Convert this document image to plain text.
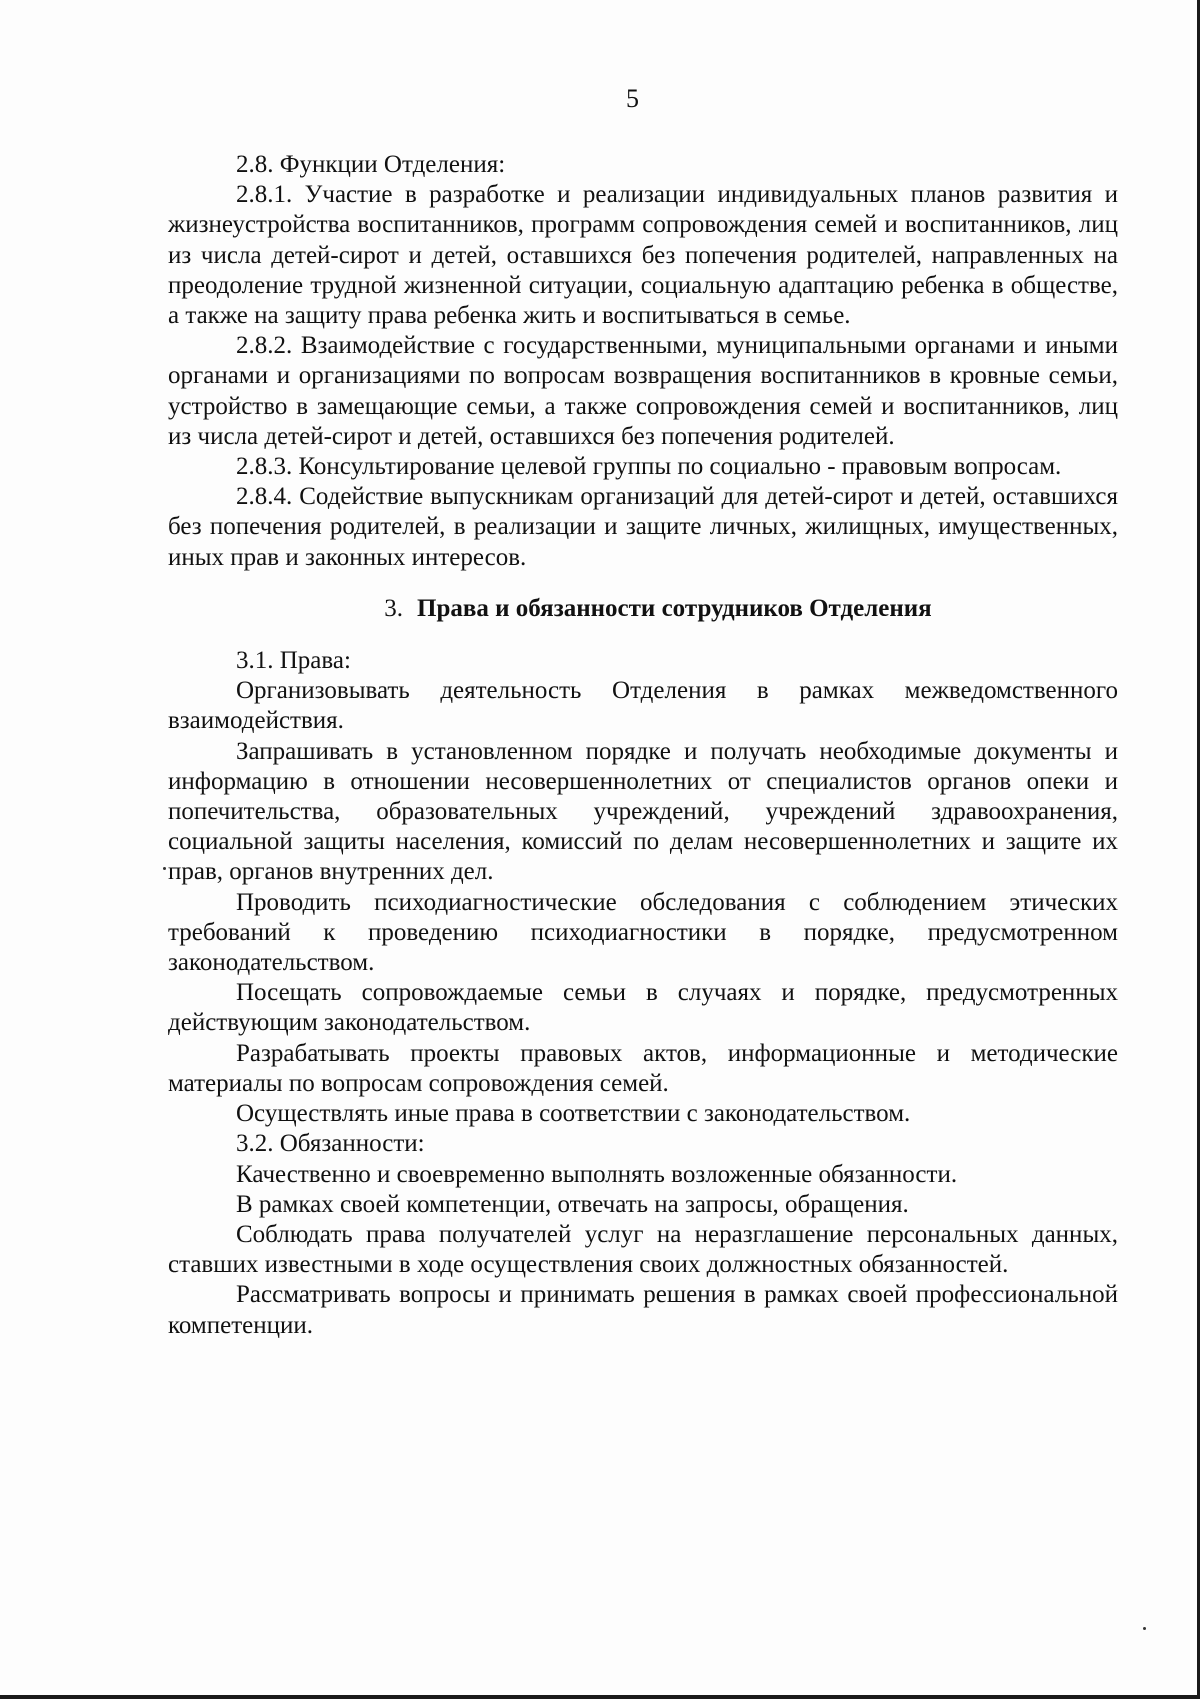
5

2.8. Функции Отделения:

2.8.1. Участие в разработке и реализации индивидуальных планов развития и жизнеустройства воспитанников, программ сопровождения семей и воспитанников, лиц из числа детей-сирот и детей, оставшихся без попечения родителей, направленных на преодоление трудной жизненной ситуации, социальную адаптацию ребенка в обществе, а также на защиту права ребенка жить и воспитываться в семье.

2.8.2. Взаимодействие с государственными, муниципальными органами и иными органами и организациями по вопросам возвращения воспитанников в кровные семьи, устройство в замещающие семьи, а также сопровождения семей и воспитанников, лиц из числа детей-сирот и детей, оставшихся без попечения родителей.

2.8.3. Консультирование целевой группы по социально - правовым вопросам.

2.8.4. Содействие выпускникам организаций для детей-сирот и детей, оставшихся без попечения родителей, в реализации и защите личных, жилищных, имущественных, иных прав и законных интересов.

3. Права и обязанности сотрудников Отделения

3.1. Права:

Организовывать деятельность Отделения в рамках межведомственного взаимодействия.

Запрашивать в установленном порядке и получать необходимые документы и информацию в отношении несовершеннолетних от специалистов органов опеки и попечительства, образовательных учреждений, учреждений здравоохранения, социальной защиты населения, комиссий по делам несовершеннолетних и защите их прав, органов внутренних дел.

Проводить психодиагностические обследования с соблюдением этических требований к проведению психодиагностики в порядке, предусмотренном законодательством.

Посещать сопровождаемые семьи в случаях и порядке, предусмотренных действующим законодательством.

Разрабатывать проекты правовых актов, информационные и методические материалы по вопросам сопровождения семей.

Осуществлять иные права в соответствии с законодательством.

3.2. Обязанности:

Качественно и своевременно выполнять возложенные обязанности.

В рамках своей компетенции, отвечать на запросы, обращения.

Соблюдать права получателей услуг на неразглашение персональных данных, ставших известными в ходе осуществления своих должностных обязанностей.

Рассматривать вопросы и принимать решения в рамках своей профессиональной компетенции.
